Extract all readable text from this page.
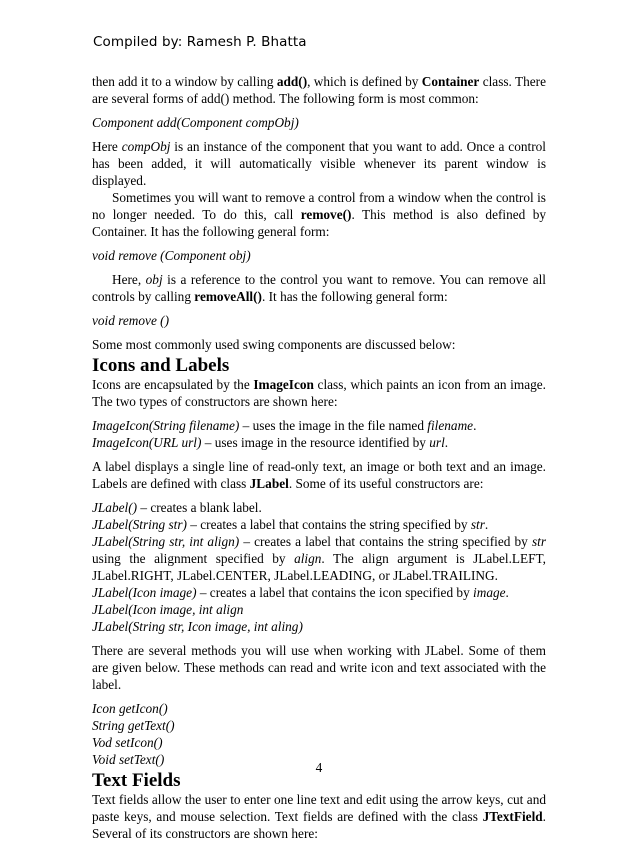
Compiled by: Ramesh P. Bhatta

then add it to a window by calling add(), which is defined by Container class. There are several forms of add() method. The following form is most common:

Component add(Component compObj)

Here compObj is an instance of the component that you want to add. Once a control has been added, it will automatically visible whenever its parent window is displayed.

Sometimes you will want to remove a control from a window when the control is no longer needed. To do this, call remove(). This method is also defined by Container. It has the following general form:

void remove (Component obj)

Here, obj is a reference to the control you want to remove. You can remove all controls by calling removeAll(). It has the following general form:

void remove ()

Some most commonly used swing components are discussed below:

Icons and Labels

Icons are encapsulated by the ImageIcon class, which paints an icon from an image. The two types of constructors are shown here:

ImageIcon(String filename) – uses the image in the file named filename.

ImageIcon(URL url) – uses image in the resource identified by url.

A label displays a single line of read-only text, an image or both text and an image. Labels are defined with class JLabel. Some of its useful constructors are:

JLabel() – creates a blank label.

JLabel(String str) – creates a label that contains the string specified by str.

JLabel(String str, int align) – creates a label that contains the string specified by str using the alignment specified by align. The align argument is JLabel.LEFT, JLabel.RIGHT, JLabel.CENTER, JLabel.LEADING, or JLabel.TRAILING.

JLabel(Icon image) – creates a label that contains the icon specified by image.

JLabel(Icon image, int align

JLabel(String str, Icon image, int aling)

There are several methods you will use when working with JLabel. Some of them are given below. These methods can read and write icon and text associated with the label.

Icon getIcon()

String getText()

Vod setIcon()

Void setText()

Text Fields

Text fields allow the user to enter one line text and edit using the arrow keys, cut and paste keys, and mouse selection. Text fields are defined with the class JTextField. Several of its constructors are shown here:

4
